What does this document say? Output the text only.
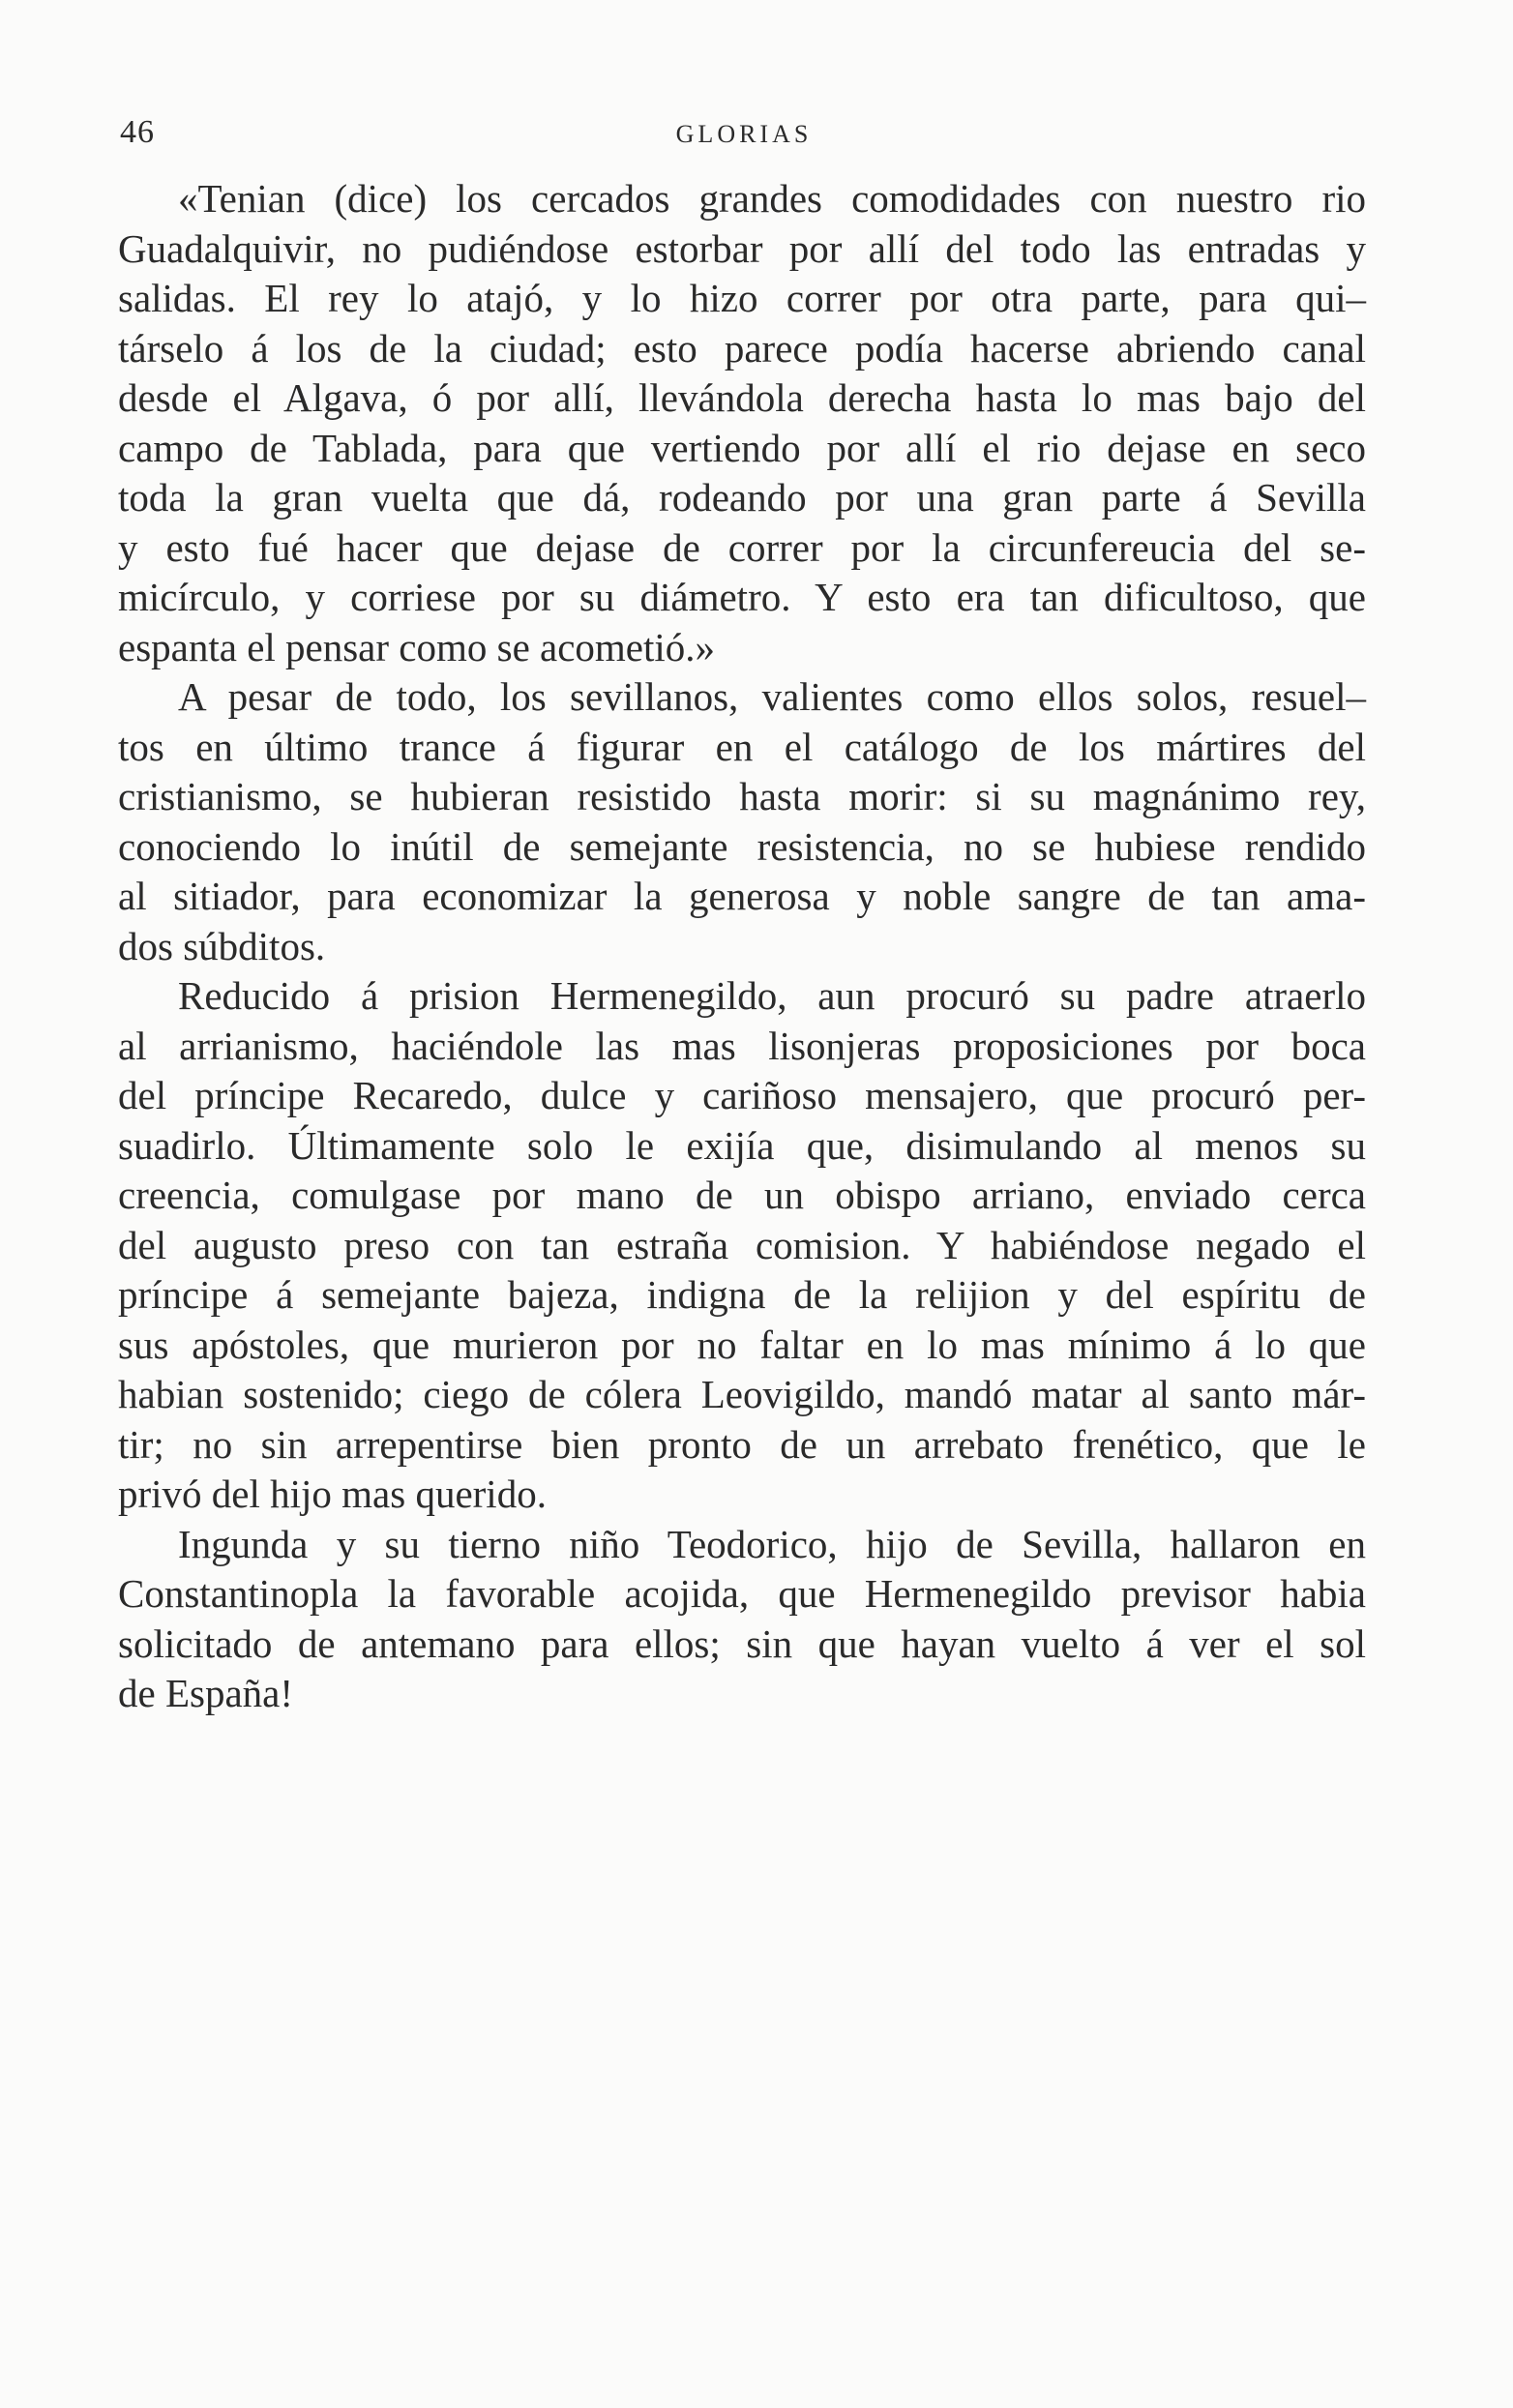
46	GLORIAS
«Tenian (dice) los cercados grandes comodidades con nuestro rio
Guadalquivir, no pudiéndose estorbar por allí del todo las entradas y
salidas. El rey lo atajó, y lo hizo correr por otra parte, para qui–
társelo á los de la ciudad; esto parece podía hacerse abriendo canal
desde el Algava, ó por allí, llevándola derecha hasta lo mas bajo del
campo de Tablada, para que vertiendo por allí el rio dejase en seco
toda la gran vuelta que dá, rodeando por una gran parte á Sevilla
y esto fué hacer que dejase de correr por la circunfereucia del se-
micírculo, y corriese por su diámetro. Y esto era tan dificultoso, que
espanta el pensar como se acometió.»
A pesar de todo, los sevillanos, valientes como ellos solos, resuel–
tos en último trance á figurar en el catálogo de los mártires del
cristianismo, se hubieran resistido hasta morir: si su magnánimo rey,
conociendo lo inútil de semejante resistencia, no se hubiese rendido
al sitiador, para economizar la generosa y noble sangre de tan ama-
dos súbditos.
Reducido á prision Hermenegildo, aun procuró su padre atraerlo
al arrianismo, haciéndole las mas lisonjeras proposiciones por boca
del príncipe Recaredo, dulce y cariñoso mensajero, que procuró per-
suadirlo. Últimamente solo le exijía que, disimulando al menos su
creencia, comulgase por mano de un obispo arriano, enviado cerca
del augusto preso con tan estraña comision. Y habiéndose negado el
príncipe á semejante bajeza, indigna de la relijion y del espíritu de
sus apóstoles, que murieron por no faltar en lo mas mínimo á lo que
habian sostenido; ciego de cólera Leovigildo, mandó matar al santo már-
tir; no sin arrepentirse bien pronto de un arrebato frenético, que le
privó del hijo mas querido.
Ingunda y su tierno niño Teodorico, hijo de Sevilla, hallaron en
Constantinopla la favorable acojida, que Hermenegildo previsor habia
solicitado de antemano para ellos; sin que hayan vuelto á ver el sol
de España!
